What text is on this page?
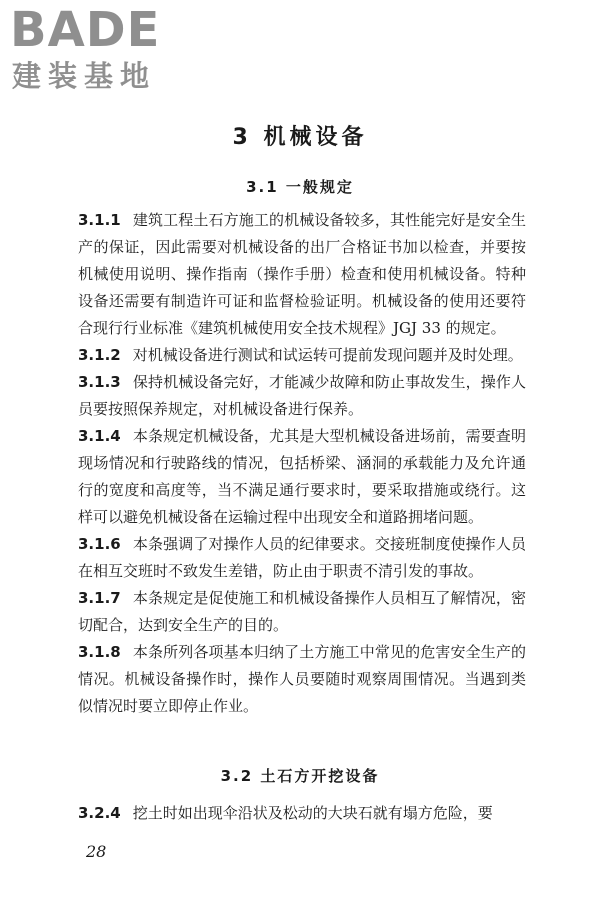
BADE
建装基地
3 机械设备
3.1 一般规定

3.1.1 建筑工程土石方施工的机械设备较多，其性能完好是安全生产的保证，因此需要对机械设备的出厂合格证书加以检查，并要按机械使用说明、操作指南（操作手册）检查和使用机械设备。特种设备还需要有制造许可证和监督检验证明。机械设备的使用还要符合现行行业标准《建筑机械使用安全技术规程》JGJ 33 的规定。

3.1.2 对机械设备进行测试和试运转可提前发现问题并及时处理。

3.1.3 保持机械设备完好，才能减少故障和防止事故发生，操作人员要按照保养规定，对机械设备进行保养。

3.1.4 本条规定机械设备，尤其是大型机械设备进场前，需要查明现场情况和行驶路线的情况，包括桥梁、涵洞的承载能力及允许通行的宽度和高度等，当不满足通行要求时，要采取措施或绕行。这样可以避免机械设备在运输过程中出现安全和道路拥堵问题。

3.1.6 本条强调了对操作人员的纪律要求。交接班制度使操作人员在相互交班时不致发生差错，防止由于职责不清引发的事故。

3.1.7 本条规定是促使施工和机械设备操作人员相互了解情况，密切配合，达到安全生产的目的。

3.1.8 本条所列各项基本归纳了土方施工中常见的危害安全生产的情况。机械设备操作时，操作人员要随时观察周围情况。当遇到类似情况时要立即停止作业。

3.2 土石方开挖设备

3.2.4 挖土时如出现伞沿状及松动的大块石就有塌方危险，要

28
